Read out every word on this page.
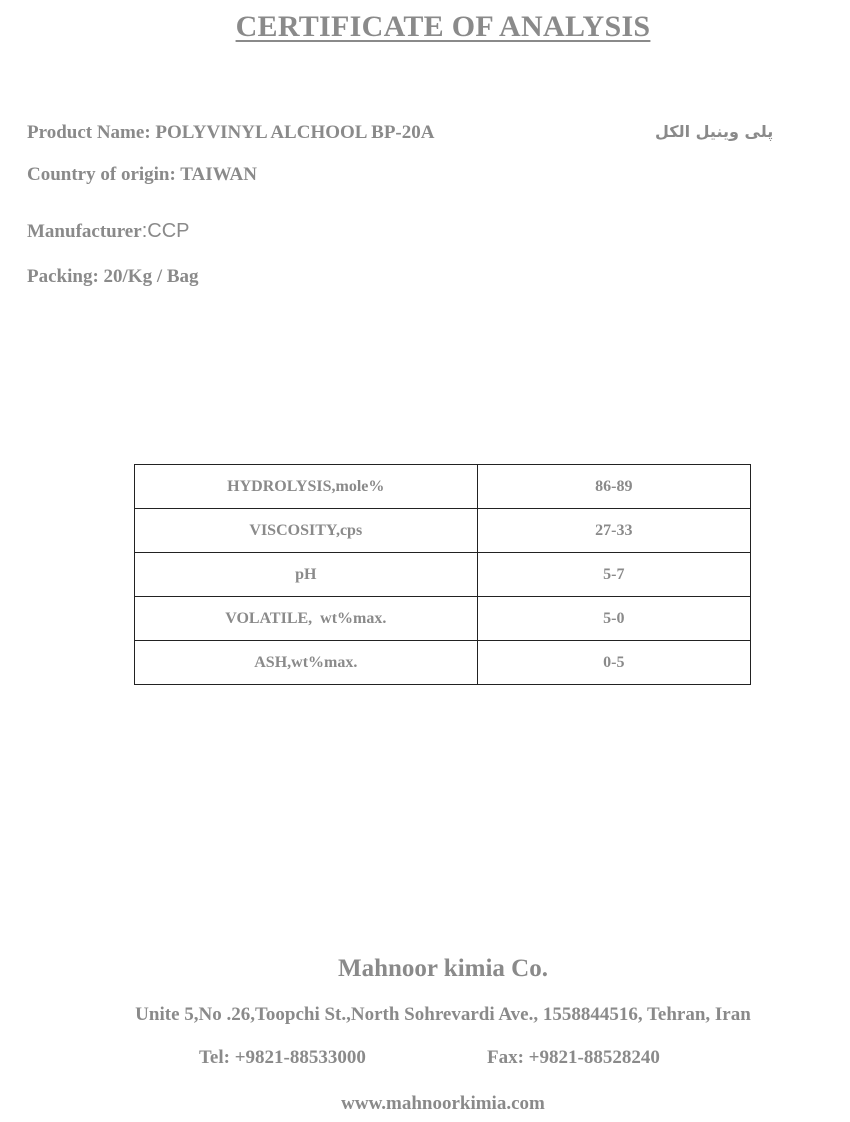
CERTIFICATE OF ANALYSIS
Product Name: POLYVINYL ALCHOOL BP-20A	پلی وینیل الکل
Country of origin: TAIWAN
Manufacturer:CCP
Packing: 20/Kg / Bag
HYDROLYSIS,mole%	86-89
VISCOSITY,cps	27-33
pH	5-7
VOLATILE,  wt%max.	5-0
ASH,wt%max.	0-5
Mahnoor kimia Co.
Unite 5,No .26,Toopchi St.,North Sohrevardi Ave., 1558844516, Tehran, Iran
Tel: +9821-88533000	Fax: +9821-88528240
www.mahnoorkimia.com
